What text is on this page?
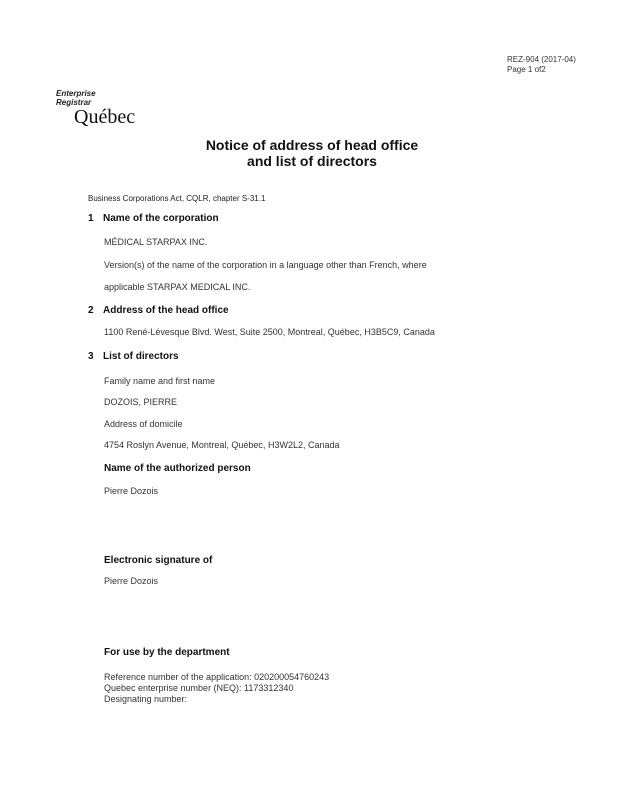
REZ-904 (2017-04)
Page 1 of2
Enterprise
Registrar
Québec
Notice of address of head office
and list of directors
Business Corporations Act, CQLR, chapter S-31.1
1 Name of the corporation
MÉDICAL STARPAX INC.
Version(s) of the name of the corporation in a language other than French, where
applicable STARPAX MEDICAL INC.
2 Address of the head office
1100 René-Lévesque Blvd. West, Suite 2500, Montreal, Québec, H3B5C9, Canada
3 List of directors
Family name and first name
DOZOIS, PIERRE
Address of domicile
4754 Roslyn Avenue, Montreal, Québec, H3W2L2, Canada
Name of the authorized person
Pierre Dozois
Electronic signature of
Pierre Dozois
For use by the department
Reference number of the application: 020200054760243
Quebec enterprise number (NEQ): 1173312340
Designating number:
